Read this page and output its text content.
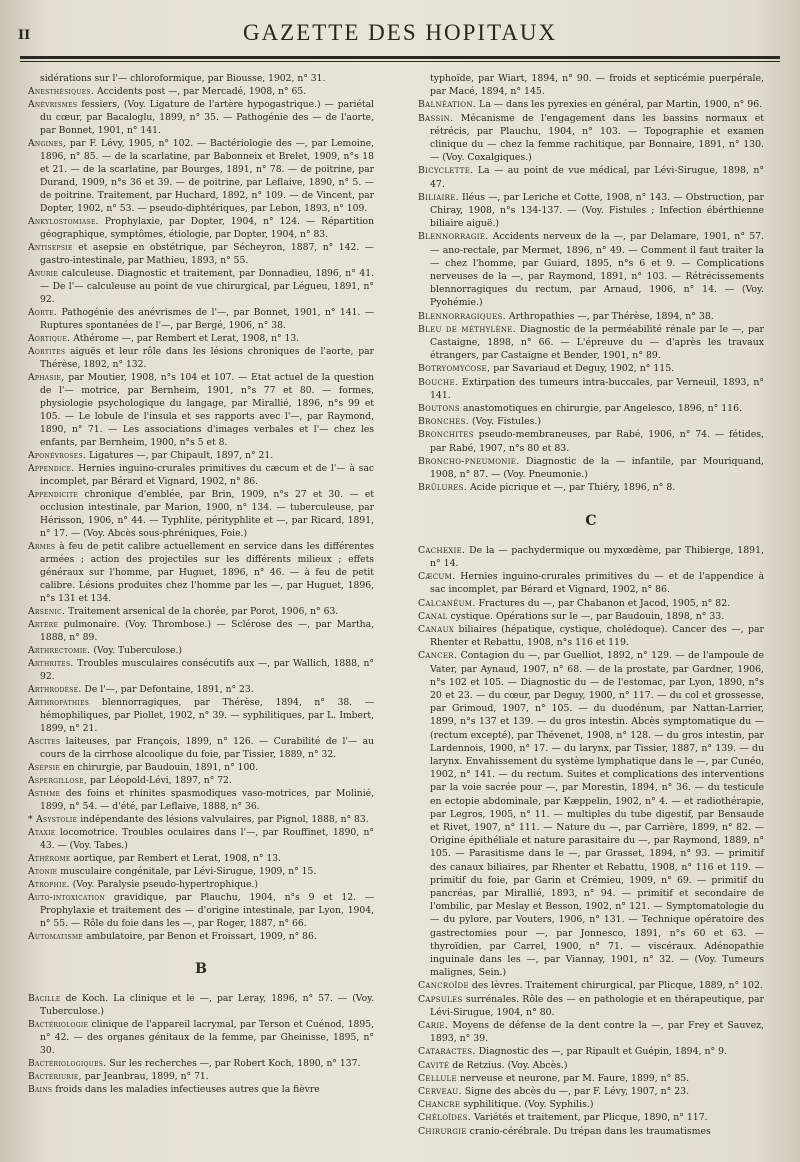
II	GAZETTE DES HOPITAUX

sidérations sur l'— chloroformique, par Biousse, 1902, n° 31.

Anesthésiques. Accidents post —, par Mercadé, 1908, n° 65.

Anévrismes fessiers, (Voy. Ligature de l'artère hypogastrique.) — pariétal du cœur, par Bacaloglu, 1899, n° 35. — Pathogénie des — de l'aorte, par Bonnet, 1901, n° 141.

Angines, par F. Lévy, 1905, n° 102. — Bactériologie des —, par Lemoine, 1896, n° 85. — de la scarlatine, par Babonneix et Brelet, 1909, n°s 18 et 21. — de la scarlatine, par Bourges, 1891, n° 78. — de poitrine, par Durand, 1909, n°s 36 et 39. — de poitrine, par Leflaive, 1890, n° 5. — de poitrine. Traitement, par Huchard, 1892, n° 109. — de Vincent, par Dopter, 1902, n° 53. — pseudo-diphtériques, par Lebon, 1893, n° 109.

Ankylostomiase. Prophylaxie, par Dopter, 1904, n° 124. — Répartition géographique, symptômes, étiologie, par Dopter, 1904, n° 83.

Antisepsie et asepsie en obstétrique, par Sécheyron, 1887, n° 142. — gastro-intestinale, par Mathieu, 1893, n° 55.

Anurie calculeuse. Diagnostic et traitement, par Donnadieu, 1896, n° 41. — De l'— calculeuse au point de vue chirurgical, par Légueu, 1891, n° 92.

Aorte. Pathogénie des anévrismes de l'—, par Bonnet, 1901, n° 141. — Ruptures spontanées de l'—, par Bergé, 1906, n° 38.

Aortique. Athérome —, par Rembert et Lerat, 1908, n° 13.

Aortites aiguës et leur rôle dans les lésions chroniques de l'aorte, par Thérèse, 1892, n° 132.

Aphasie, par Moutier, 1908, n°s 104 et 107. — Etat actuel de la question de l'— motrice, par Bernheim, 1901, n°s 77 et 80. — formes, physiologie psychologique du langage, par Mirallié, 1896, n°s 99 et 105. — Le lobule de l'insula et ses rapports avec l'—, par Raymond, 1890, n° 71. — Les associations d'images verbales et l'— chez les enfants, par Bernheim, 1900, n°s 5 et 8.

Aponévroses. Ligatures —, par Chipault, 1897, n° 21.

Appendice. Hernies inguino-crurales primitives du cæcum et de l'— à sac incomplet, par Bérard et Vignard, 1902, n° 86.

Appendicite chronique d'emblée, par Brin, 1909, n°s 27 et 30. — et occlusion intestinale, par Marion, 1900, n° 134. — tuberculeuse, par Hérisson, 1906, n° 44. — Typhlite, pérityphlite et —, par Ricard, 1891, n° 17. — (Voy. Abcès sous-phréniques, Foie.)

Armes à feu de petit calibre actuellement en service dans les différentes armées ; action des projectiles sur les différents milieux ; effets généraux sur l'homme, par Huguet, 1896, n° 46. — à feu de petit calibre. Lésions produites chez l'homme par les —, par Huguet, 1896, n°s 131 et 134.

Arsenic. Traitement arsenical de la chorée, par Porot, 1906, n° 63.

Artère pulmonaire. (Voy. Thrombose.) — Sclérose des —, par Martha, 1888, n° 89.

Arthrectomie. (Voy. Tuberculose.)

Arthrites. Troubles musculaires consécutifs aux —, par Wallich, 1888, n° 92.

Arthrodèse. De l'—, par Defontaine, 1891, n° 23.

Arthropathies blennorragiques, par Thérèse, 1894, n° 38. — hémophiliques, par Piollet, 1902, n° 39. — syphilitiques, par L. Imbert, 1899, n° 21.

Ascites laiteuses, par François, 1899, n° 126. — Curabilité de l'— au cours de la cirrhose alcoolique du foie, par Tissier, 1889, n° 32.

Asepsie en chirurgie, par Baudouin, 1891, n° 100.

Aspergillose, par Léopold-Lévi, 1897, n° 72.

Asthme des foins et rhinites spasmodiques vaso-motrices, par Molinié, 1899, n° 54. — d'été, par Leflaive, 1888, n° 36.

* Asystolie indépendante des lésions valvulaires, par Pignol, 1888, n° 83.

Ataxie locomotrice. Troubles oculaires dans l'—, par Rouffinet, 1890, n° 43. — (Voy. Tabes.)

Athérome aortique, par Rembert et Lerat, 1908, n° 13.

Atonie musculaire congénitale, par Lévi-Sirugue, 1909, n° 15.

Atrophie. (Voy. Paralysie pseudo-hypertrophique.)

Auto-intoxication gravidique, par Plauchu, 1904, n°s 9 et 12. — Prophylaxie et traitement des — d'origine intestinale, par Lyon, 1904, n° 55. — Rôle du foie dans les —, par Roger, 1887, n° 66.

Automatisme ambulatoire, par Benon et Froissart, 1909, n° 86.

B

Bacille de Koch. La clinique et le —, par Leray, 1896, n° 57. — (Voy. Tuberculose.)

Bactériologie clinique de l'appareil lacrymal, par Terson et Cuénod, 1895, n° 42. — des organes génitaux de la femme, par Gheinisse, 1895, n° 30.

Bactériologiques. Sur les recherches —, par Robert Koch, 1890, n° 137.

Bactériurie, par Jeanbrau, 1899, n° 71.

Bains froids dans les maladies infectieuses autres que la fièvre

typhoïde, par Wiart, 1894, n° 90. — froids et septicémie puerpérale, par Macé, 1894, n° 145.

Balnéation. La — dans les pyrexies en général, par Martin, 1900, n° 96.

Bassin. Mécanisme de l'engagement dans les bassins normaux et rétrécis, par Plauchu, 1904, n° 103. — Topographie et examen clinique du — chez la femme rachitique, par Bonnaire, 1891, n° 130. — (Voy. Coxalgiques.)

Bicyclette. La — au point de vue médical, par Lévi-Sirugue, 1898, n° 47.

Biliaire. Iléus —, par Leriche et Cotte, 1908, n° 143. — Obstruction, par Chiray, 1908, n°s 134-137. — (Voy. Fistules ; Infection ébérthienne biliaire aiguë.)

Blennorragie. Accidents nerveux de la —, par Delamare, 1901, n° 57. — ano-rectale, par Mermet, 1896, n° 49. — Comment il faut traiter la — chez l'homme, par Guiard, 1895, n°s 6 et 9. — Complications nerveuses de la —, par Raymond, 1891, n° 103. — Rétrécissements blennorragiques du rectum, par Arnaud, 1906, n° 14. — (Voy. Pyohémie.)

Blennorragiques. Arthropathies —, par Thérèse, 1894, n° 38.

Bleu de méthylène. Diagnostic de la perméabilité rénale par le —, par Castaigne, 1898, n° 66. — L'épreuve du — d'après les travaux étrangers, par Castaigne et Bender, 1901, n° 89.

Botryomycose, par Savariaud et Deguy, 1902, n° 115.

Bouche. Extirpation des tumeurs intra-buccales, par Verneuil, 1893, n° 141.

Boutons anastomotiques en chirurgie, par Angelesco, 1896, n° 116.

Bronches. (Voy. Fistules.)

Bronchites pseudo-membraneuses, par Rabé, 1906, n° 74. — fétides, par Rabé, 1907, n°s 80 et 83.

Broncho-pneumonie. Diagnostic de la — infantile, par Mouriquand, 1908, n° 87. — (Voy. Pneumonie.)

Brûlures. Acide picrique et —, par Thiéry, 1896, n° 8.

C

Cachexie. De la — pachydermique ou myxœdème, par Thibierge, 1891, n° 14.

Cæcum. Hernies inguino-crurales primitives du — et de l'appendice à sac incomplet, par Bérard et Vignard, 1902, n° 86.

Calcanéum. Fractures du —, par Chabanon et Jacod, 1905, n° 82.

Canal cystique. Opérations sur le —, par Baudouin, 1898, n° 33.

Canaux biliaires (hépatique, cystique, cholédoque). Cancer des —, par Rhenter et Rebattu, 1908, n°s 116 et 119.

Cancer. Contagion du —, par Guelliot, 1892, n° 129. — de l'ampoule de Vater, par Aynaud, 1907, n° 68. — de la prostate, par Gardner, 1906, n°s 102 et 105. — Diagnostic du — de l'estomac, par Lyon, 1890, n°s 20 et 23. — du cœur, par Deguy, 1900, n° 117. — du col et grossesse, par Grimoud, 1907, n° 105. — du duodénum, par Nattan-Larrier, 1899, n°s 137 et 139. — du gros intestin. Abcès symptomatique du — (rectum excepté), par Thévenet, 1908, n° 128. — du gros intestin, par Lardennois, 1900, n° 17. — du larynx, par Tissier, 1887, n° 139. — du larynx. Envahissement du système lymphatique dans le —, par Cunéo, 1902, n° 141. — du rectum. Suites et complications des interventions par la voie sacrée pour —, par Morestin, 1894, n° 36. — du testicule en ectopie abdominale, par Kæppelin, 1902, n° 4. — et radiothérapie, par Legros, 1905, n° 11. — multiples du tube digestif, par Bensaude et Rivet, 1907, n° 111. — Nature du —, par Carrière, 1899, n° 82. — Origine épithéliale et nature parasitaire du —, par Raymond, 1889, n° 105. — Parasitisme dans le —, par Grasset, 1894, n° 93. — primitif des canaux biliaires, par Rhenter et Rebattu, 1908, n° 116 et 119. — primitif du foie, par Garin et Crémieu, 1909, n° 69. — primitif du pancréas, par Mirallié, 1893, n° 94. — primitif et secondaire de l'ombilic, par Meslay et Besson, 1902, n° 121. — Symptomatologie du — du pylore, par Vouters, 1906, n° 131. — Technique opératoire des gastrectomies pour —, par Jonnesco, 1891, n°s 60 et 63. — thyroïdien, par Carrel, 1900, n° 71. — viscéraux. Adénopathie inguinale dans les —, par Viannay, 1901, n° 32. — (Voy. Tumeurs malignes, Sein.)

Cancroïde des lèvres. Traitement chirurgical, par Plicque, 1889, n° 102.

Capsules surrénales. Rôle des — en pathologie et en thérapeutique, par Lévi-Sirugue, 1904, n° 80.

Carie. Moyens de défense de la dent contre la —, par Frey et Sauvez, 1893, n° 39.

Cataractes. Diagnostic des —, par Ripault et Guépin, 1894, n° 9.

Cavité de Retzius. (Voy. Abcès.)

Cellule nerveuse et neurone, par M. Faure, 1899, n° 85.

Cerveau. Signe des abcès du —, par F. Lévy, 1907, n° 23.

Chancre syphilitique. (Voy. Syphilis.)

Chéloïdes. Variétés et traitement, par Plicque, 1890, n° 117.

Chirurgie cranio-cérébrale. Du trépan dans les traumatismes
